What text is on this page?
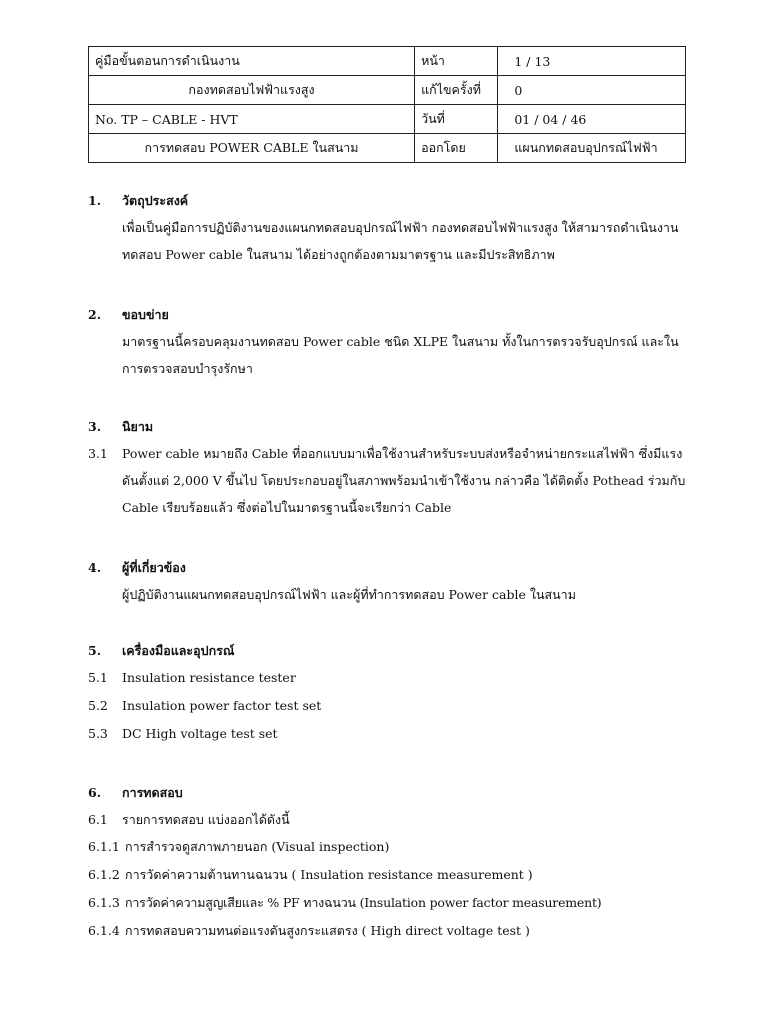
คู่มือขั้นตอนการดำเนินงาน	หน้า	1 / 13
กองทดสอบไฟฟ้าแรงสูง	แก้ไขครั้งที่	0
No. TP – CABLE - HVT	วันที่	01 / 04 / 46
การทดสอบ POWER CABLE ในสนาม	ออกโดย	แผนกทดสอบอุปกรณ์ไฟฟ้า
1. วัตถุประสงค์
เพื่อเป็นคู่มือการปฏิบัติงานของแผนกทดสอบอุปกรณ์ไฟฟ้า กองทดสอบไฟฟ้าแรงสูง ให้สามารถดำเนินงานทดสอบ Power cable ในสนาม ได้อย่างถูกต้องตามมาตรฐาน และมีประสิทธิภาพ
2. ขอบข่าย
มาตรฐานนี้ครอบคลุมงานทดสอบ Power cable ชนิด XLPE ในสนาม ทั้งในการตรวจรับอุปกรณ์ และในการตรวจสอบบำรุงรักษา
3. นิยาม
3.1 Power cable หมายถึง Cable ที่ออกแบบมาเพื่อใช้งานสำหรับระบบส่งหรือจำหน่ายกระแสไฟฟ้า ซึ่งมีแรงดันตั้งแต่ 2,000 V ขึ้นไป โดยประกอบอยู่ในสภาพพร้อมนำเข้าใช้งาน กล่าวคือ ได้ติดตั้ง Pothead ร่วมกับ Cable เรียบร้อยแล้ว ซึ่งต่อไปในมาตรฐานนี้จะเรียกว่า Cable
4. ผู้ที่เกี่ยวข้อง
ผู้ปฏิบัติงานแผนกทดสอบอุปกรณ์ไฟฟ้า และผู้ที่ทำการทดสอบ Power cable ในสนาม
5. เครื่องมือและอุปกรณ์
5.1 Insulation resistance tester
5.2 Insulation power factor test set
5.3 DC High voltage test set
6. การทดสอบ
6.1 รายการทดสอบ แบ่งออกได้ดังนี้
6.1.1 การสำรวจดูสภาพภายนอก (Visual inspection)
6.1.2 การวัดค่าความต้านทานฉนวน ( Insulation resistance measurement )
6.1.3 การวัดค่าความสูญเสียและ % PF ทางฉนวน (Insulation power factor measurement)
6.1.4 การทดสอบความทนต่อแรงดันสูงกระแสตรง ( High direct voltage test )
